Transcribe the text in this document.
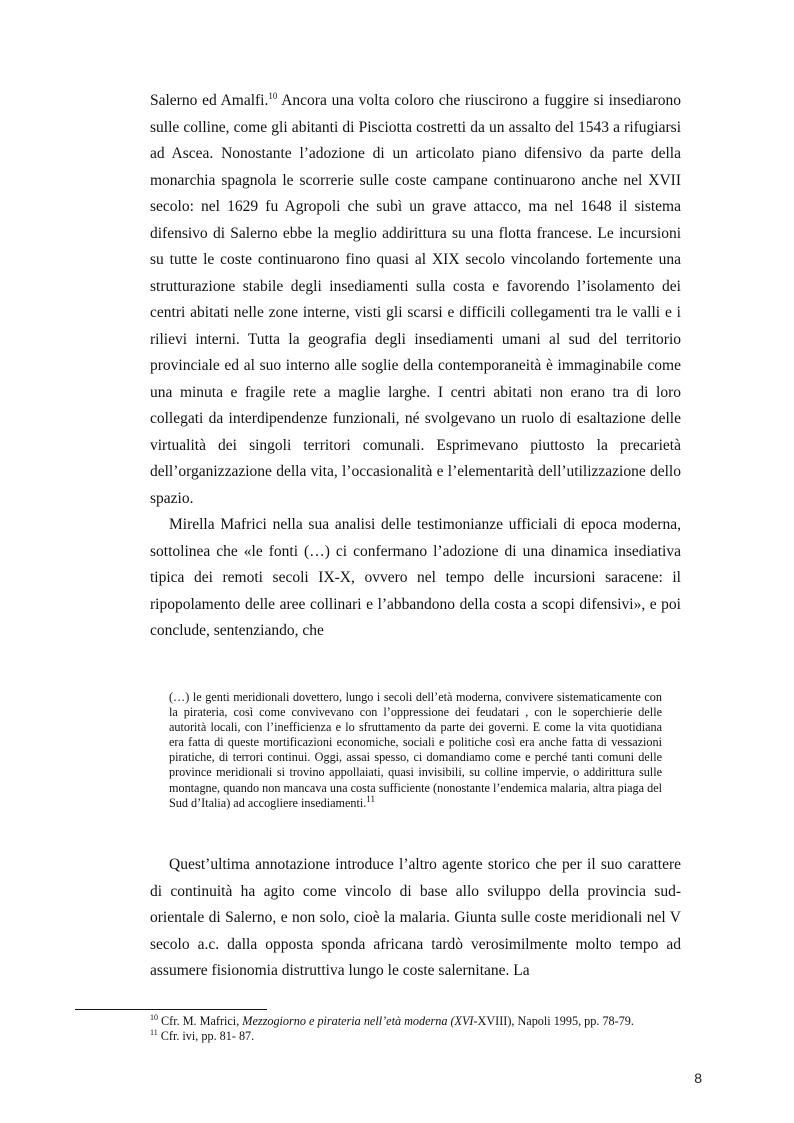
Salerno ed Amalfi.$^{10}$ Ancora una volta coloro che riuscirono a fuggire si insediarono sulle colline, come gli abitanti di Pisciotta costretti da un assalto del 1543 a rifugiarsi ad Ascea. Nonostante l’adozione di un articolato piano difensivo da parte della monarchia spagnola le scorrerie sulle coste campane continuarono anche nel XVII secolo: nel 1629 fu Agropoli che subì un grave attacco, ma nel 1648 il sistema difensivo di Salerno ebbe la meglio addirittura su una flotta francese. Le incursioni su tutte le coste continuarono fino quasi al XIX secolo vincolando fortemente una strutturazione stabile degli insediamenti sulla costa e favorendo l’isolamento dei centri abitati nelle zone interne, visti gli scarsi e difficili collegamenti tra le valli e i rilievi interni. Tutta la geografia degli insediamenti umani al sud del territorio provinciale ed al suo interno alle soglie della contemporaneità è immaginabile come una minuta e fragile rete a maglie larghe. I centri abitati non erano tra di loro collegati da interdipendenze funzionali, né svolgevano un ruolo di esaltazione delle virtualità dei singoli territori comunali. Esprimevano piuttosto la precarietà dell’organizzazione della vita, l’occasionalità e l’elementarità dell’utilizzazione dello spazio.

Mirella Mafrici nella sua analisi delle testimonianze ufficiali di epoca moderna, sottolinea che «le fonti (…) ci confermano l’adozione di una dinamica insediativa tipica dei remoti secoli IX-X, ovvero nel tempo delle incursioni saracene: il ripopolamento delle aree collinari e l’abbandono della costa a scopi difensivi», e poi conclude, sentenziando, che

(…) le genti meridionali dovettero, lungo i secoli dell’età moderna, convivere sistematicamente con la pirateria, così come convivevano con l’oppressione dei feudatari , con le soperchierie delle autorità locali, con l’inefficienza e lo sfruttamento da parte dei governi. E come la vita quotidiana era fatta di queste mortificazioni economiche, sociali e politiche così era anche fatta di vessazioni piratiche, di terrori continui. Oggi, assai spesso, ci domandiamo come e perché tanti comuni delle province meridionali si trovino appollaiati, quasi invisibili, su colline impervie, o addirittura sulle montagne, quando non mancava una costa sufficiente (nonostante l’endemica malaria, altra piaga del Sud d’Italia) ad accogliere insediamenti.$^{11}$

Quest’ultima annotazione introduce l’altro agente storico che per il suo carattere di continuità ha agito come vincolo di base allo sviluppo della provincia sud-orientale di Salerno, e non solo, cioè la malaria. Giunta sulle coste meridionali nel V secolo a.c. dalla opposta sponda africana tardò verosimilmente molto tempo ad assumere fisionomia distruttiva lungo le coste salernitane. La

$^{10}$ Cfr. M. Mafrici, Mezzogiorno e pirateria nell’età moderna (XVI-XVIII), Napoli 1995, pp. 78-79.

$^{11}$ Cfr. ivi, pp. 81- 87.

8
